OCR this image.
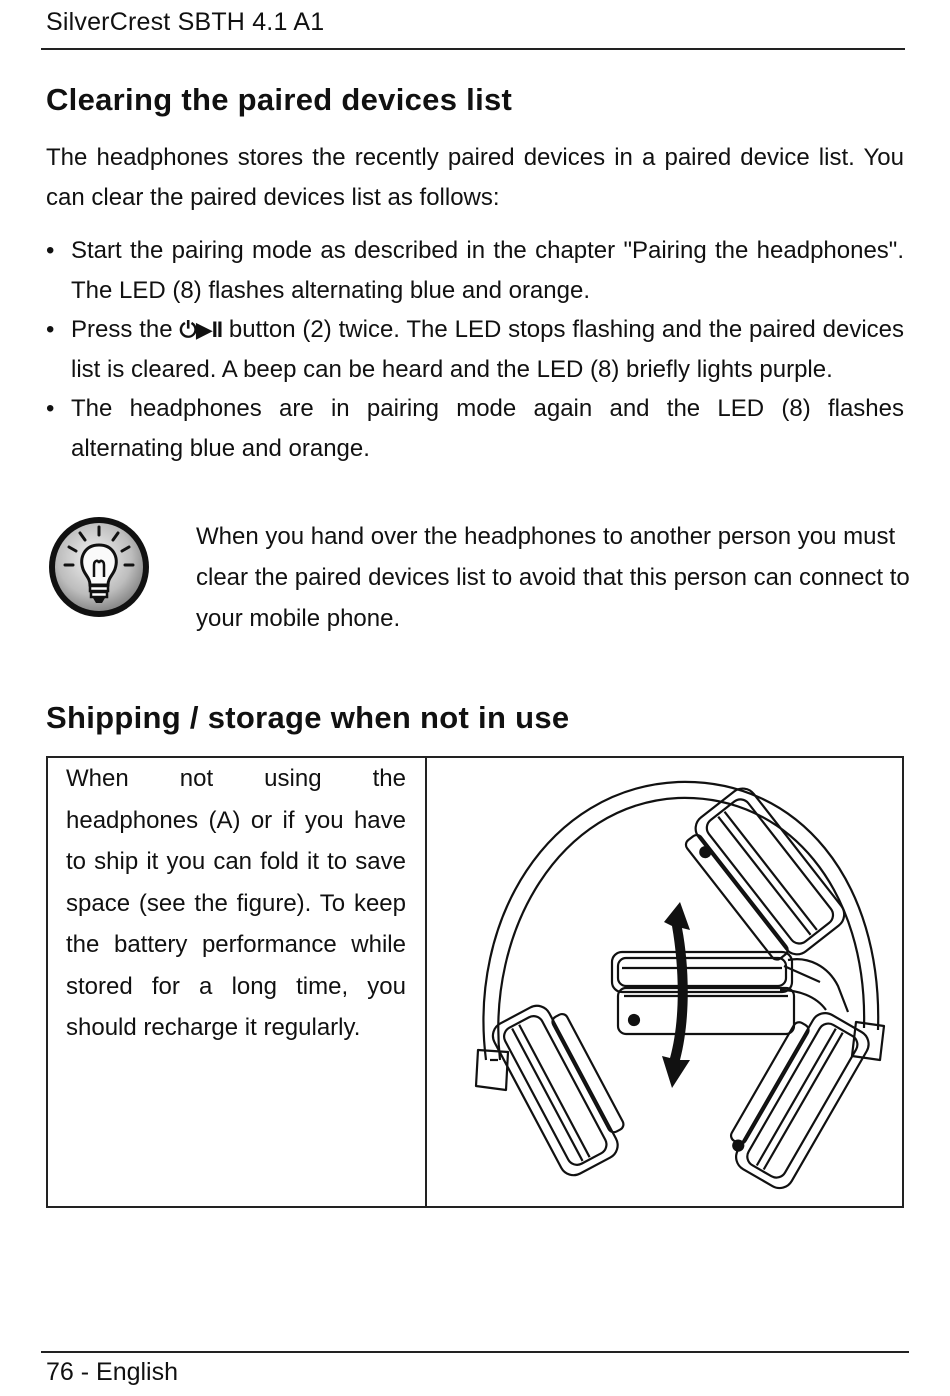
SilverCrest SBTH 4.1 A1
Clearing the paired devices list
The headphones stores the recently paired devices in a paired device list. You can clear the paired devices list as follows:
• Start the pairing mode as described in the chapter "Pairing the headphones". The LED (8) flashes alternating blue and orange.
• Press the ⏻▶II button (2) twice. The LED stops flashing and the paired devices list is cleared. A beep can be heard and the LED (8) briefly lights purple.
• The headphones are in pairing mode again and the LED (8) flashes alternating blue and orange.
When you hand over the headphones to another person you must clear the paired devices list to avoid that this person can connect to your mobile phone.
Shipping / storage when not in use
When not using the headphones (A) or if you have to ship it you can fold it to save space (see the figure). To keep the battery performance while stored for a long time, you should recharge it regularly.
76 - English
